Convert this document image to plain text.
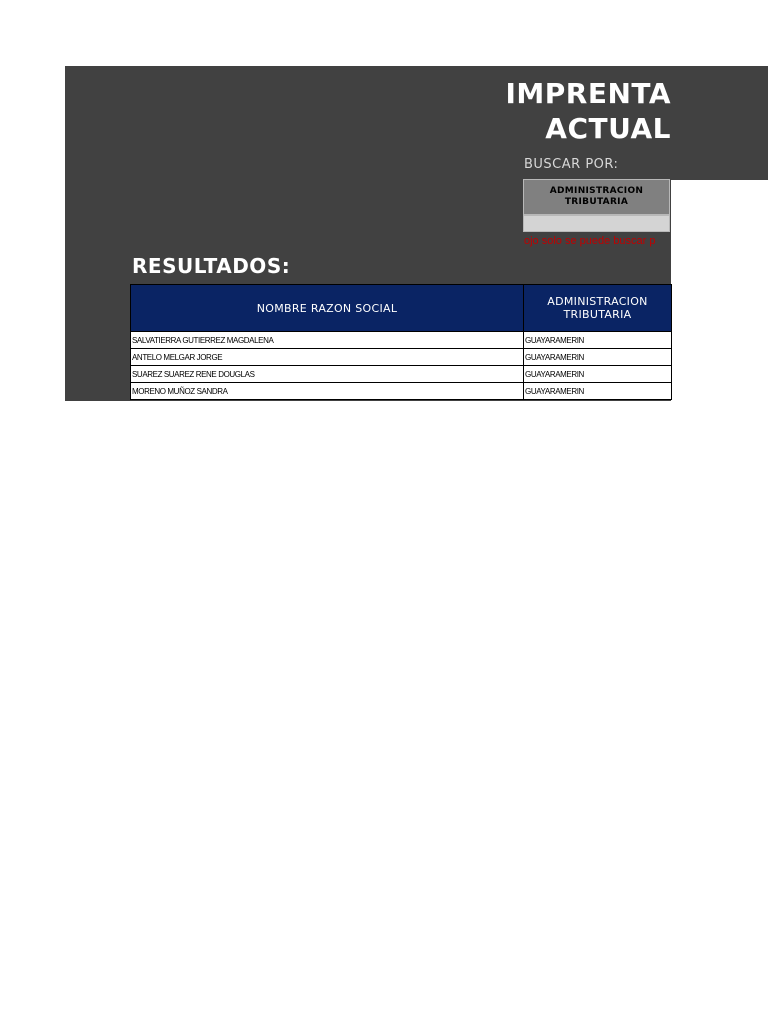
IMPRENTA
ACTUAL
BUSCAR POR:
ADMINISTRACION
TRIBUTARIA
ojo solo se puede buscar p
RESULTADOS:
NOMBRE RAZON SOCIAL	ADMINISTRACION
TRIBUTARIA

SALVATIERRA GUTIERREZ MAGDALENA	GUAYARAMERIN
ANTELO MELGAR JORGE	GUAYARAMERIN
SUAREZ SUAREZ RENE DOUGLAS	GUAYARAMERIN
MORENO MUÑOZ SANDRA	GUAYARAMERIN
